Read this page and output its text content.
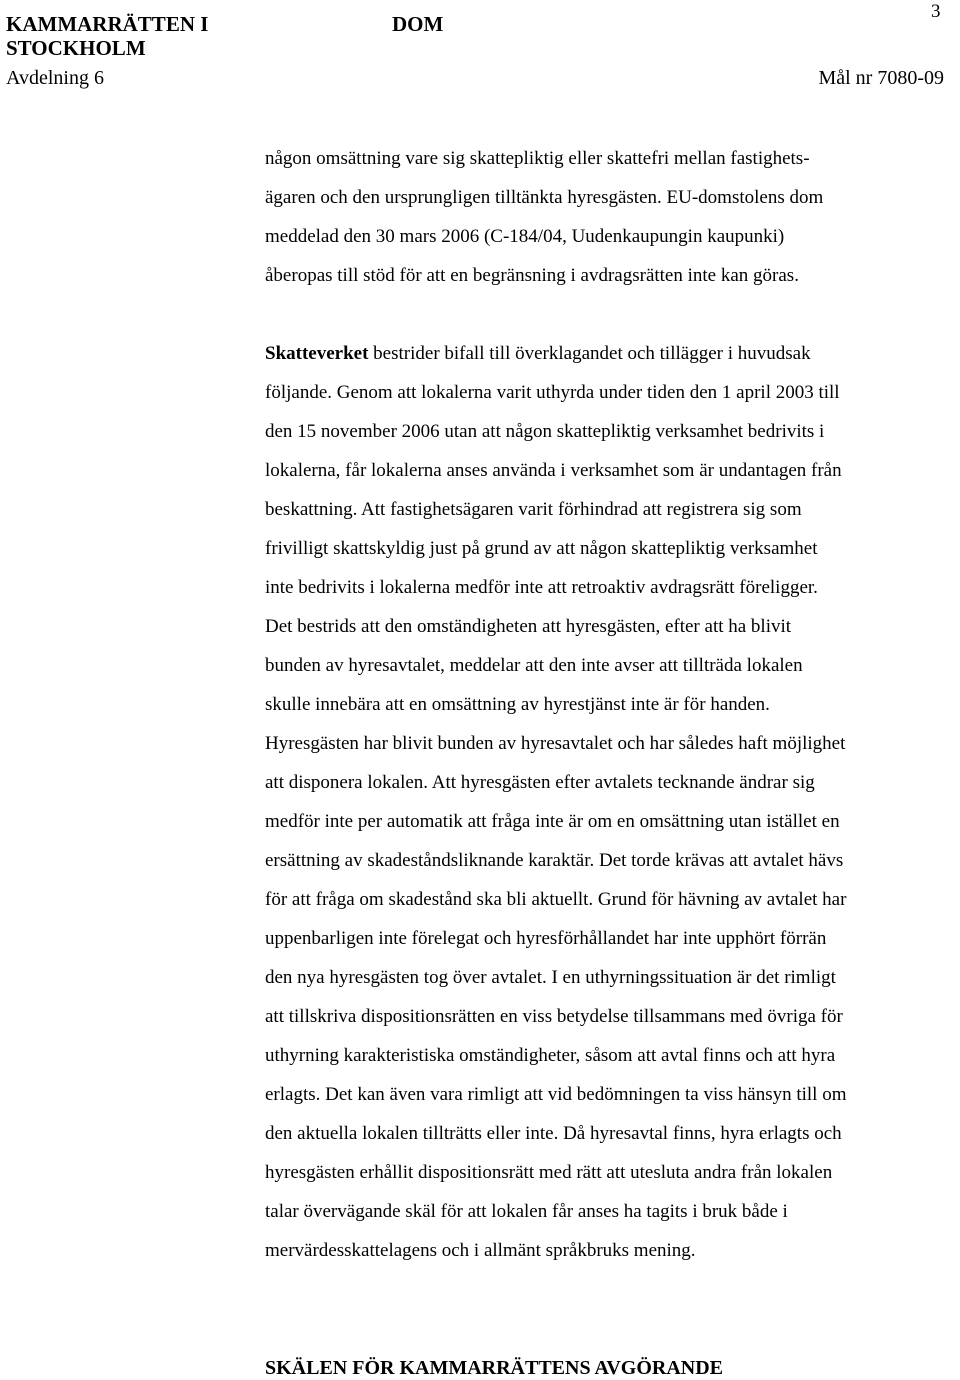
KAMMARRÄTTEN I
STOCKHOLM
DOM
3
Avdelning 6	Mål nr 7080-09
någon omsättning vare sig skattepliktig eller skattefri mellan fastighets-
ägaren och den ursprungligen tilltänkta hyresgästen. EU-domstolens dom
meddelad den 30 mars 2006 (C-184/04, Uudenkaupungin kaupunki)
åberopas till stöd för att en begränsning i avdragsrätten inte kan göras.
Skatteverket bestrider bifall till överklagandet och tillägger i huvudsak
följande. Genom att lokalerna varit uthyrda under tiden den 1 april 2003 till
den 15 november 2006 utan att någon skattepliktig verksamhet bedrivits i
lokalerna, får lokalerna anses använda i verksamhet som är undantagen från
beskattning. Att fastighetsägaren varit förhindrad att registrera sig som
frivilligt skattskyldig just på grund av att någon skattepliktig verksamhet
inte bedrivits i lokalerna medför inte att retroaktiv avdragsrätt föreligger.
Det bestrids att den omständigheten att hyresgästen, efter att ha blivit
bunden av hyresavtalet, meddelar att den inte avser att tillträda lokalen
skulle innebära att en omsättning av hyrestjänst inte är för handen.
Hyresgästen har blivit bunden av hyresavtalet och har således haft möjlighet
att disponera lokalen. Att hyresgästen efter avtalets tecknande ändrar sig
medför inte per automatik att fråga inte är om en omsättning utan istället en
ersättning av skadeståndsliknande karaktär. Det torde krävas att avtalet hävs
för att fråga om skadestånd ska bli aktuellt. Grund för hävning av avtalet har
uppenbarligen inte förelegat och hyresförhållandet har inte upphört förrän
den nya hyresgästen tog över avtalet. I en uthyrningssituation är det rimligt
att tillskriva dispositionsrätten en viss betydelse tillsammans med övriga för
uthyrning karakteristiska omständigheter, såsom att avtal finns och att hyra
erlagts. Det kan även vara rimligt att vid bedömningen ta viss hänsyn till om
den aktuella lokalen tillträtts eller inte. Då hyresavtal finns, hyra erlagts och
hyresgästen erhållit dispositionsrätt med rätt att utesluta andra från lokalen
talar övervägande skäl för att lokalen får anses ha tagits i bruk både i
mervärdesskattelagens och i allmänt språkbruks mening.
SKÄLEN FÖR KAMMARRÄTTENS AVGÖRANDE
